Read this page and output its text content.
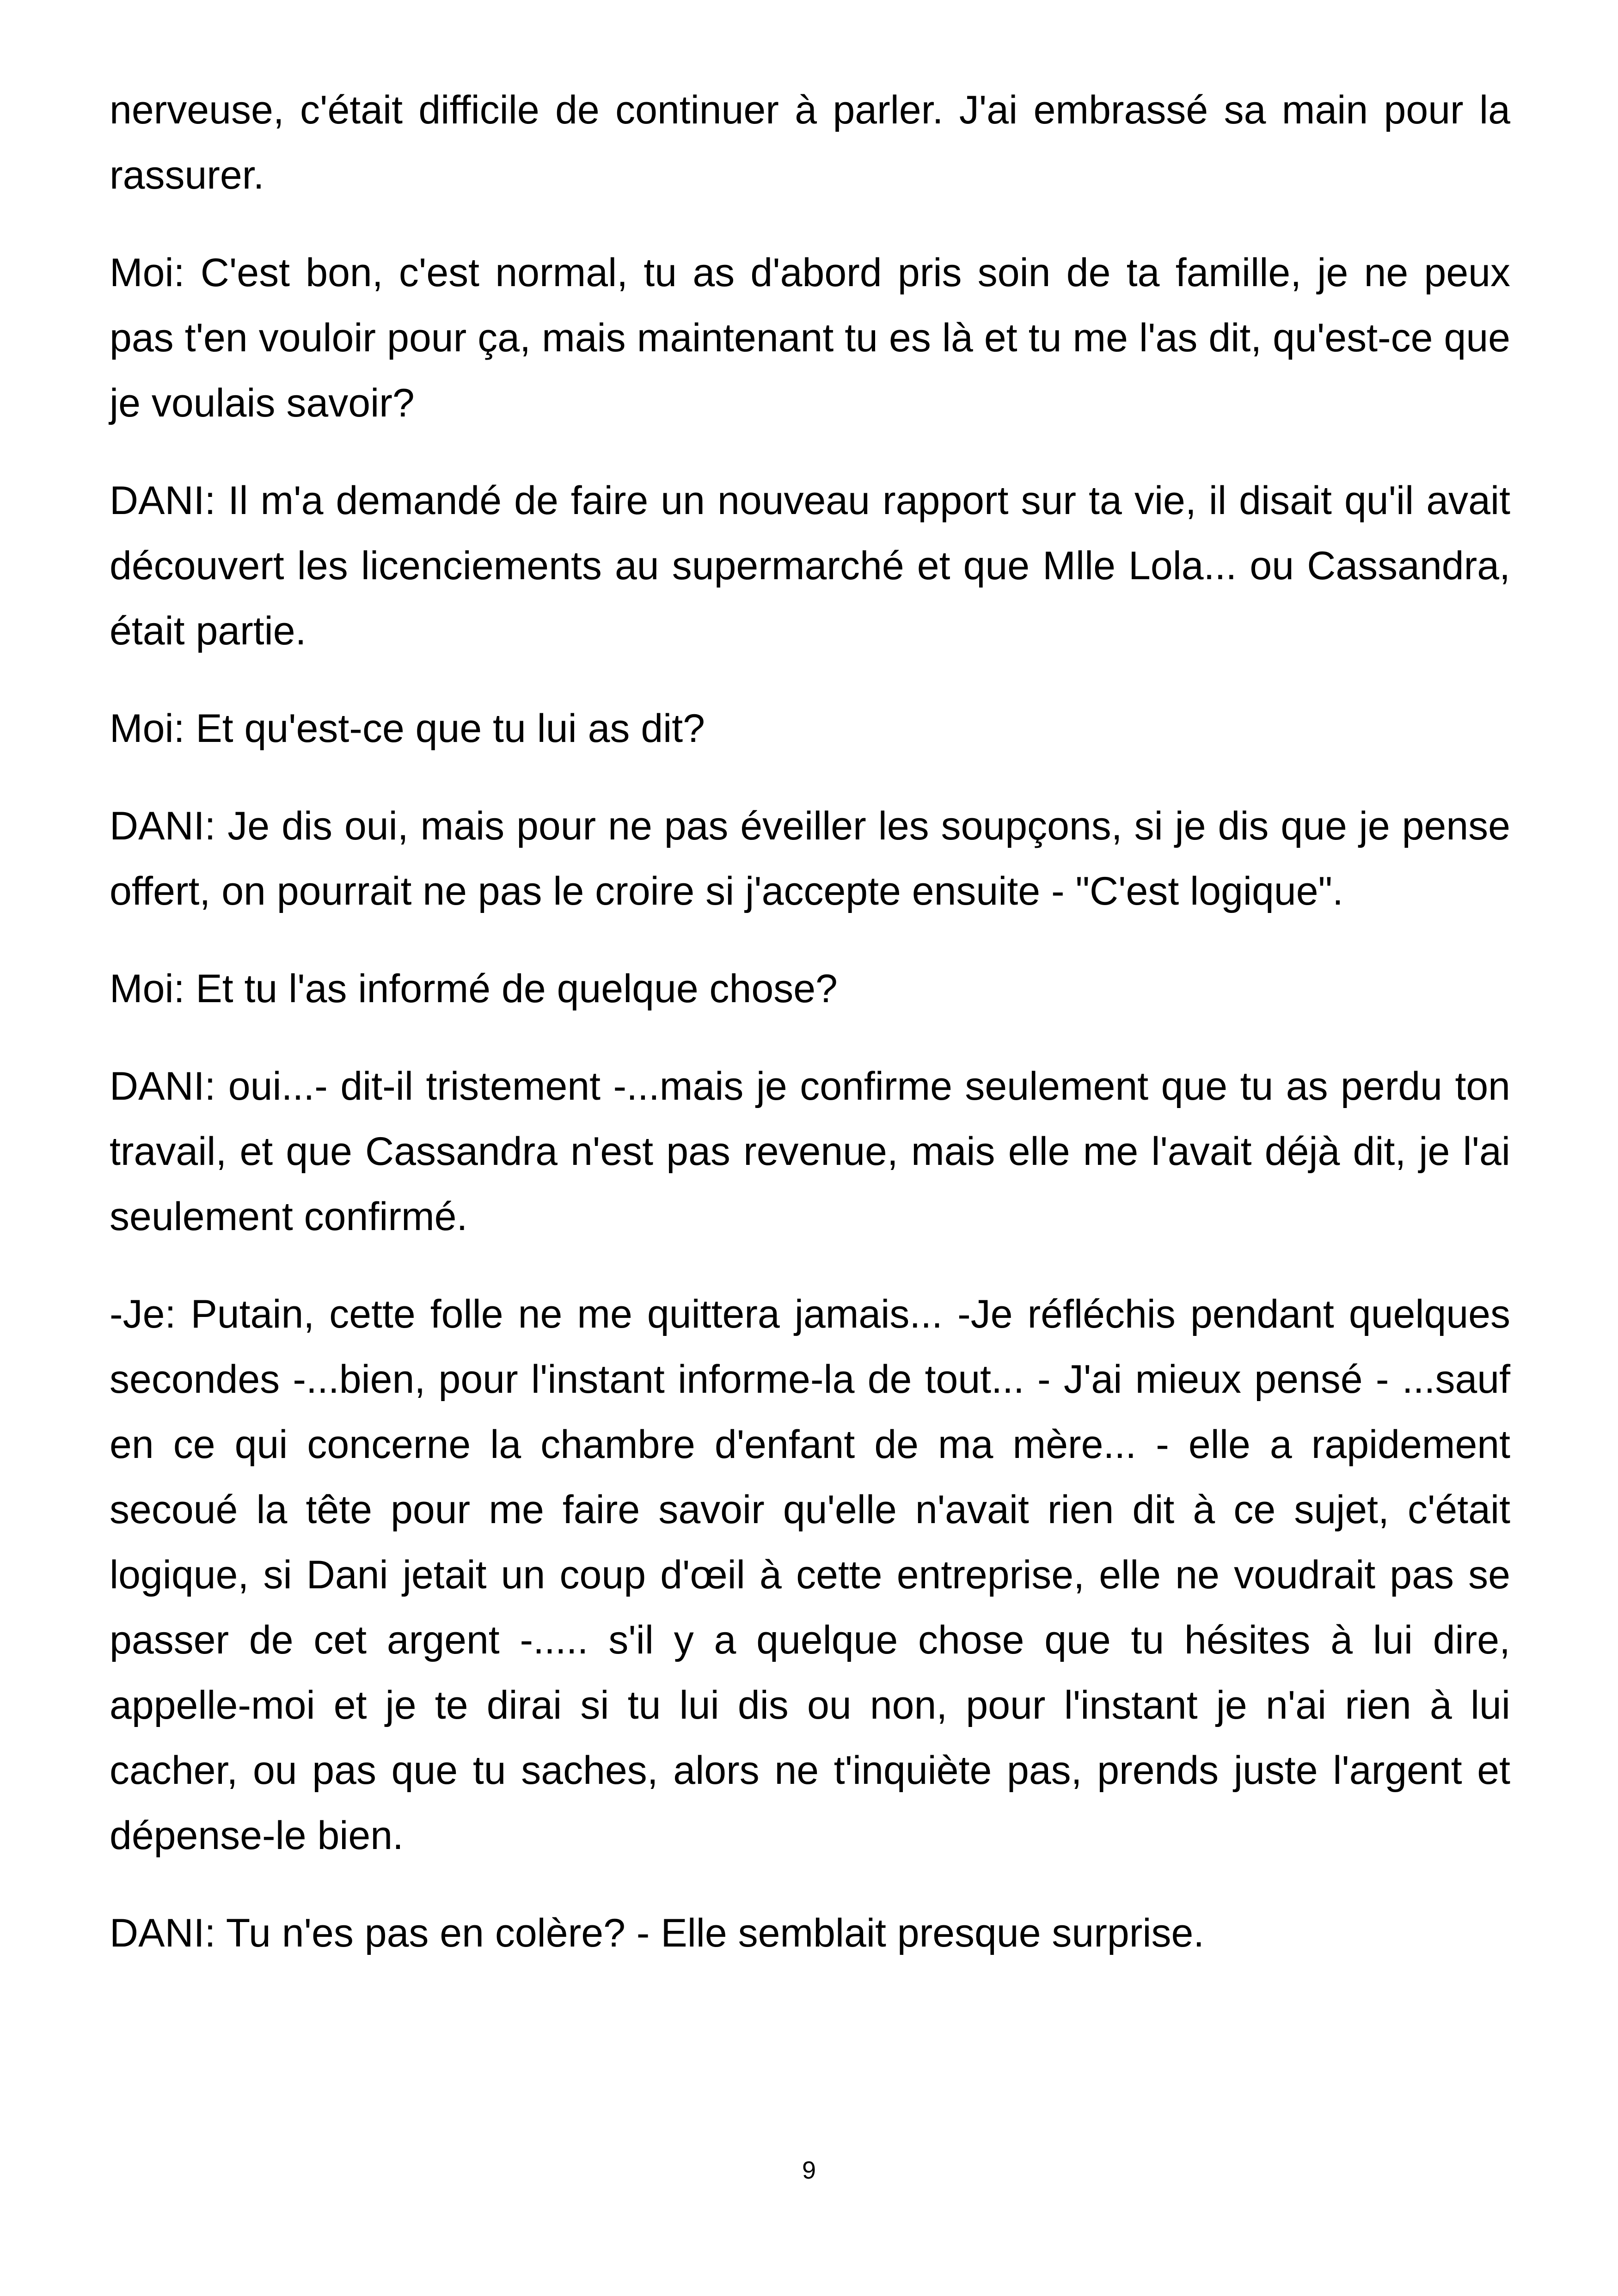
nerveuse, c'était difficile de continuer à parler. J'ai embrassé sa main pour la rassurer.

Moi: C'est bon, c'est normal, tu as d'abord pris soin de ta famille, je ne peux pas t'en vouloir pour ça, mais maintenant tu es là et tu me l'as dit, qu'est-ce que je voulais savoir?

DANI: Il m'a demandé de faire un nouveau rapport sur ta vie, il disait qu'il avait découvert les licenciements au supermarché et que Mlle Lola... ou Cassandra, était partie.

Moi: Et qu'est-ce que tu lui as dit?

DANI: Je dis oui, mais pour ne pas éveiller les soupçons, si je dis que je pense offert, on pourrait ne pas le croire si j'accepte ensuite - "C'est logique".

Moi: Et tu l'as informé de quelque chose?

DANI: oui...- dit-il tristement -...mais je confirme seulement que tu as perdu ton travail, et que Cassandra n'est pas revenue, mais elle me l'avait déjà dit, je l'ai seulement confirmé.

-Je: Putain, cette folle ne me quittera jamais... -Je réfléchis pendant quelques secondes -...bien, pour l'instant informe-la de tout... - J'ai mieux pensé - ...sauf en ce qui concerne la chambre d'enfant de ma mère... - elle a rapidement secoué la tête pour me faire savoir qu'elle n'avait rien dit à ce sujet, c'était logique, si Dani jetait un coup d'œil à cette entreprise, elle ne voudrait pas se passer de cet argent -..... s'il y a quelque chose que tu hésites à lui dire, appelle-moi et je te dirai si tu lui dis ou non, pour l'instant je n'ai rien à lui cacher, ou pas que tu saches, alors ne t'inquiète pas, prends juste l'argent et dépense-le bien.

DANI: Tu n'es pas en colère? - Elle semblait presque surprise.

9
